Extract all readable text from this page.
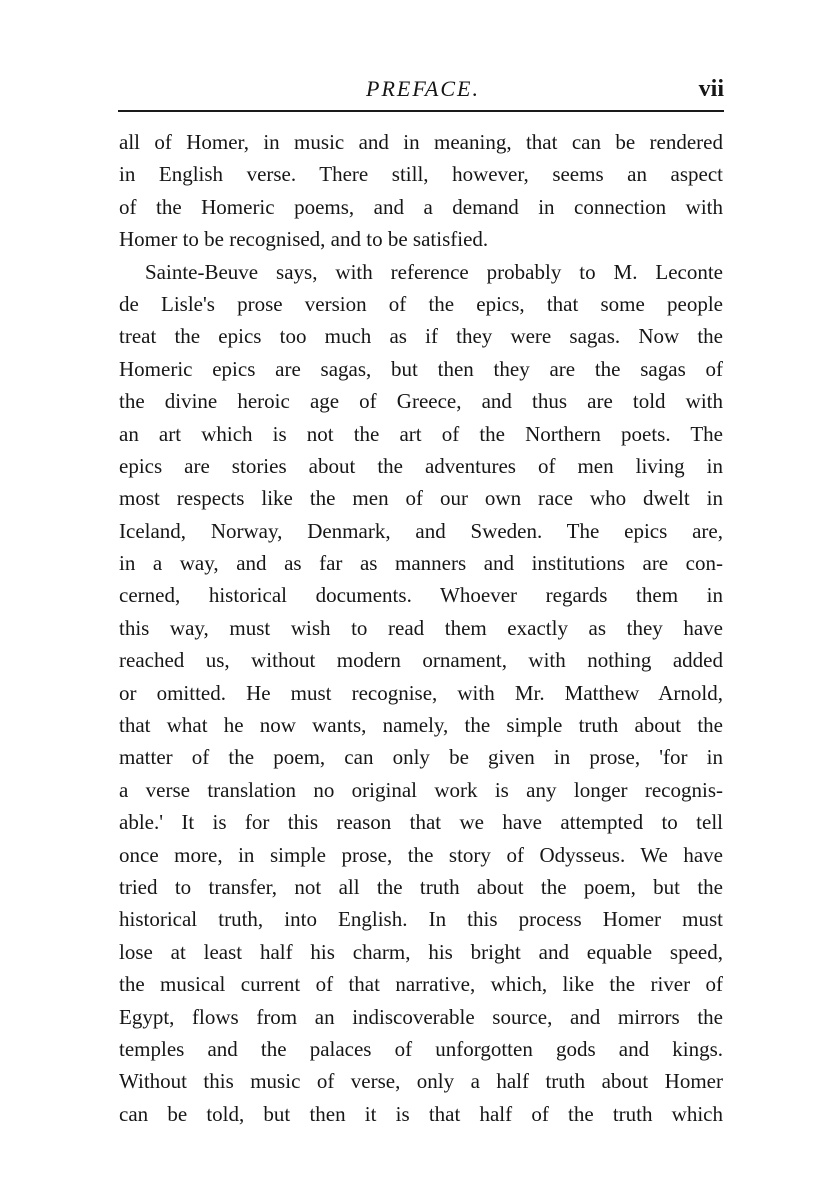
PREFACE.	vii
all of Homer, in music and in meaning, that can be rendered
in English verse. There still, however, seems an aspect
of the Homeric poems, and a demand in connection with
Homer to be recognised, and to be satisfied.
Sainte-Beuve says, with reference probably to M. Leconte
de Lisle's prose version of the epics, that some people
treat the epics too much as if they were sagas. Now the
Homeric epics are sagas, but then they are the sagas of
the divine heroic age of Greece, and thus are told with
an art which is not the art of the Northern poets. The
epics are stories about the adventures of men living in
most respects like the men of our own race who dwelt in
Iceland, Norway, Denmark, and Sweden. The epics are,
in a way, and as far as manners and institutions are con-
cerned, historical documents. Whoever regards them in
this way, must wish to read them exactly as they have
reached us, without modern ornament, with nothing added
or omitted. He must recognise, with Mr. Matthew Arnold,
that what he now wants, namely, the simple truth about the
matter of the poem, can only be given in prose, 'for in
a verse translation no original work is any longer recognis-
able.' It is for this reason that we have attempted to tell
once more, in simple prose, the story of Odysseus. We have
tried to transfer, not all the truth about the poem, but the
historical truth, into English. In this process Homer must
lose at least half his charm, his bright and equable speed,
the musical current of that narrative, which, like the river of
Egypt, flows from an indiscoverable source, and mirrors the
temples and the palaces of unforgotten gods and kings.
Without this music of verse, only a half truth about Homer
can be told, but then it is that half of the truth which
